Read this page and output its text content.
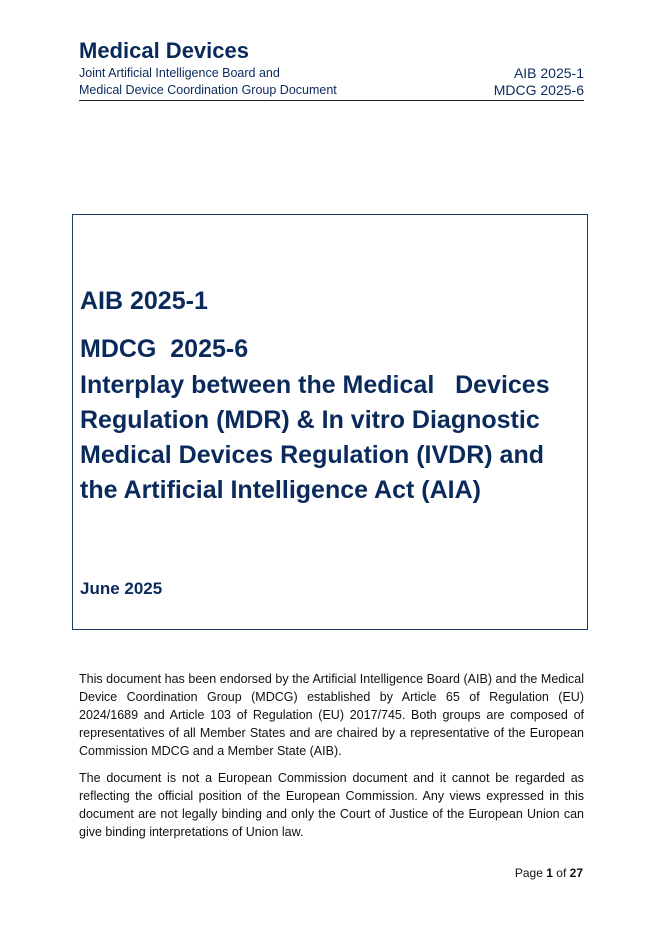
Medical Devices
Joint Artificial Intelligence Board and
Medical Device Coordination Group Document
AIB 2025-1
MDCG 2025-6
AIB 2025-1
MDCG  2025-6
Interplay between the Medical   Devices
Regulation (MDR) & In vitro Diagnostic
Medical Devices Regulation (IVDR) and
the Artificial Intelligence Act (AIA)
June 2025

This document has been endorsed by the Artificial Intelligence Board (AIB) and the Medical Device Coordination Group (MDCG) established by Article 65 of Regulation (EU) 2024/1689 and Article 103 of Regulation (EU) 2017/745. Both groups are composed of representatives of all Member States and are chaired by a representative of the European Commission MDCG and a Member State (AIB).

The document is not a European Commission document and it cannot be regarded as reflecting the official position of the European Commission. Any views expressed in this document are not legally binding and only the Court of Justice of the European Union can give binding interpretations of Union law.

Page 1 of 27
